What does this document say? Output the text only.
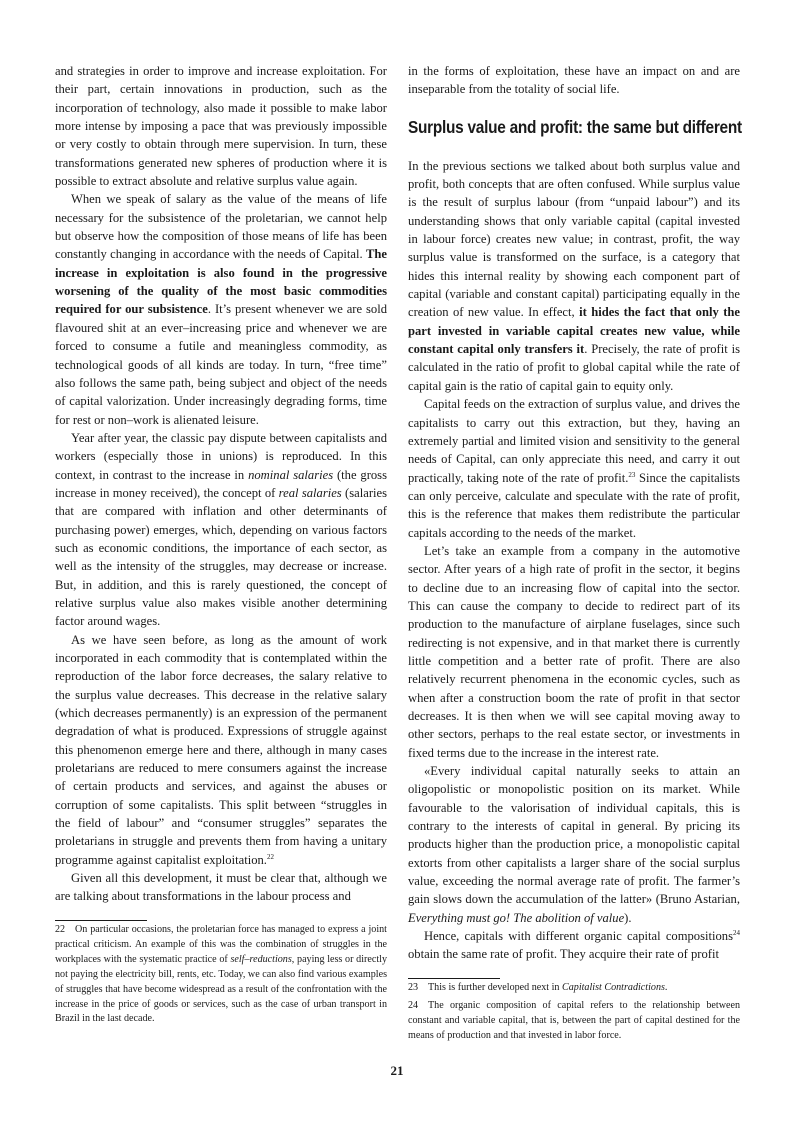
and strategies in order to improve and increase exploitation. For their part, certain innovations in production, such as the incorporation of technology, also made it possible to make labor more intense by imposing a pace that was previously impossible or very costly to obtain through mere supervision. In turn, these transformations generated new spheres of production where it is possible to extract absolute and relative surplus value again.

When we speak of salary as the value of the means of life necessary for the subsistence of the proletarian, we cannot help but observe how the composition of those means of life has been constantly changing in accordance with the needs of Capital. The increase in exploitation is also found in the progressive worsening of the quality of the most basic commodities required for our subsistence. It’s present whenever we are sold flavoured shit at an ever–increasing price and whenever we are forced to consume a futile and meaningless commodity, as technological goods of all kinds are today. In turn, “free time” also follows the same path, being subject and object of the needs of capital valorization. Under increasingly degrading forms, time for rest or non–work is alienated leisure.

Year after year, the classic pay dispute between capitalists and workers (especially those in unions) is reproduced. In this context, in contrast to the increase in nominal salaries (the gross increase in money received), the concept of real salaries (salaries that are compared with inflation and other determinants of purchasing power) emerges, which, depending on various factors such as economic conditions, the importance of each sector, as well as the intensity of the struggles, may decrease or increase. But, in addition, and this is rarely questioned, the concept of relative surplus value also makes visible another determining factor around wages.

As we have seen before, as long as the amount of work incorporated in each commodity that is contemplated within the reproduction of the labor force decreases, the salary relative to the surplus value decreases. This decrease in the relative salary (which decreases permanently) is an expression of the permanent degradation of what is produced. Expressions of struggle against this phenomenon emerge here and there, although in many cases proletarians are reduced to mere consumers against the increase of certain products and services, and against the abuses or corruption of some capitalists. This split between “struggles in the field of labour” and “consumer struggles” separates the proletarians in struggle and prevents them from having a unitary programme against capitalist exploitation.$^{22}$

Given all this development, it must be clear that, although we are talking about transformations in the labour process and

in the forms of exploitation, these have an impact on and are inseparable from the totality of social life.

Surplus value and profit: the same but different

In the previous sections we talked about both surplus value and profit, both concepts that are often confused. While surplus value is the result of surplus labour (from “unpaid labour”) and its understanding shows that only variable capital (capital invested in labour force) creates new value; in contrast, profit, the way surplus value is transformed on the surface, is a category that hides this internal reality by showing each component part of capital (variable and constant capital) participating equally in the creation of new value. In effect, it hides the fact that only the part invested in variable capital creates new value, while constant capital only transfers it. Precisely, the rate of profit is calculated in the ratio of profit to global capital while the rate of capital gain is the ratio of capital gain to equity only.

Capital feeds on the extraction of surplus value, and drives the capitalists to carry out this extraction, but they, having an extremely partial and limited vision and sensitivity to the general needs of Capital, can only appreciate this need, and carry it out practically, taking note of the rate of profit.$^{23}$ Since the capitalists can only perceive, calculate and speculate with the rate of profit, this is the reference that makes them redistribute the particular capitals according to the needs of the market.

Let’s take an example from a company in the automotive sector. After years of a high rate of profit in the sector, it begins to decline due to an increasing flow of capital into the sector. This can cause the company to decide to redirect part of its production to the manufacture of airplane fuselages, since such redirecting is not expensive, and in that market there is currently little competition and a better rate of profit. There are also relatively recurrent phenomena in the economic cycles, such as when after a construction boom the rate of profit in that sector decreases. It is then when we will see capital moving away to other sectors, perhaps to the real estate sector, or investments in fixed terms due to the increase in the interest rate.

«Every individual capital naturally seeks to attain an oligopolistic or monopolistic position on its market. While favourable to the valorisation of individual capitals, this is contrary to the interests of capital in general. By pricing its products higher than the production price, a monopolistic capital extorts from other capitalists a larger share of the social surplus value, exceeding the normal average rate of profit. The farmer’s gain slows down the accumulation of the latter» (Bruno Astarian, Everything must go! The abolition of value).

Hence, capitals with different organic capital compositions$^{24}$ obtain the same rate of profit. They acquire their rate of profit

22 On particular occasions, the proletarian force has managed to express a joint practical criticism. An example of this was the combination of struggles in the workplaces with the systematic practice of self–reductions, paying less or directly not paying the electricity bill, rents, etc. Today, we can also find various examples of struggles that have become widespread as a result of the confrontation with the increase in the price of goods or services, such as the case of urban transport in Brazil in the last decade.
23 This is further developed next in Capitalist Contradictions.
24 The organic composition of capital refers to the relationship between constant and variable capital, that is, between the part of capital destined for the means of production and that invested in labor force.
21
